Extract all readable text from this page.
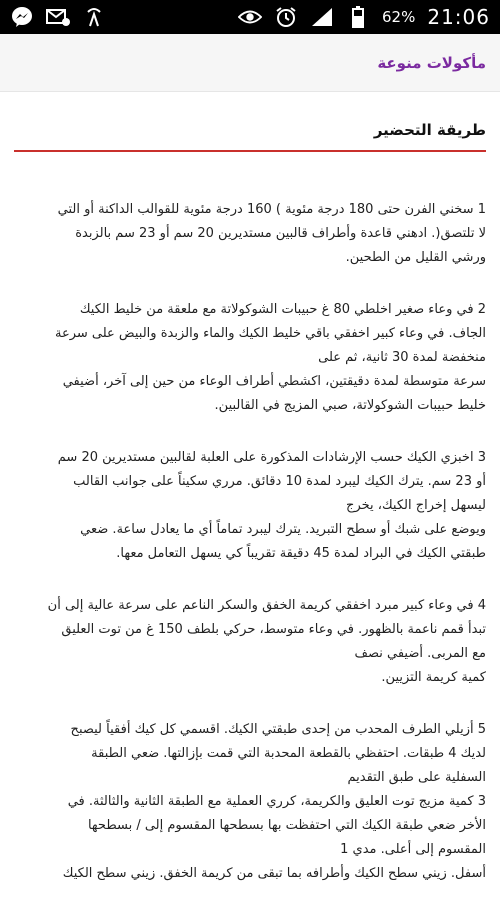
62% 21:06
مأكولات منوعة
طريقة التحضير

1 سخني الفرن حتى 180 درجة مئوية ) 160 درجة مئوية للقوالب الداكنة أو التي

لا تلتصق(. ادهني قاعدة وأطراف قالبين مستديرين 20 سم أو 23 سم بالزبدة

ورشي القليل من الطحين.

2 في وعاء صغير اخلطي 80 غ حبيبات الشوكولاتة مع ملعقة من خليط الكيك

الجاف. في وعاء كبير اخفقي باقي خليط الكيك والماء والزبدة والبيض على سرعة

منخفضة لمدة 30 ثانية، ثم على

سرعة متوسطة لمدة دقيقتين، اكشطي أطراف الوعاء من حين إلى آخر، أضيفي

خليط حبيبات الشوكولاتة، صبي المزيج في القالبين.

3 اخبزي الكيك حسب الإرشادات المذكورة على العلبة لقالبين مستديرين 20 سم

أو 23 سم. يترك الكيك ليبرد لمدة 10 دقائق. مرري سكيناً على جوانب القالب

ليسهل إخراج الكيك، يخرج

ويوضع على شبك أو سطح التبريد. يترك ليبرد تماماً أي ما يعادل ساعة. ضعي

طبقتي الكيك في البراد لمدة 45 دقيقة تقريباً كي يسهل التعامل معها.

4 في وعاء كبير مبرد اخفقي كريمة الخفق والسكر الناعم على سرعة عالية إلى أن

تبدأ قمم ناعمة بالظهور. في وعاء متوسط، حركي بلطف 150 غ من توت العليق

مع المربى. أضيفي نصف

كمية كريمة التزيين.

5 أزيلي الطرف المحدب من إحدى طبقتي الكيك. اقسمي كل كيك أفقياً ليصبح

لديك 4 طبقات. احتفظي بالقطعة المحدبة التي قمت بإزالتها. ضعي الطبقة

السفلية على طبق التقديم

3 كمية مزيج توت العليق والكريمة، كرري العملية مع الطبقة الثانية والثالثة. في

الأخر ضعي طبقة الكيك التي احتفظت بها بسطحها المقسوم إلى / بسطحها

المقسوم إلى أعلى. مدي 1

أسفل. زيني سطح الكيك وأطرافه بما تبقى من كريمة الخفق. زيني سطح الكيك
